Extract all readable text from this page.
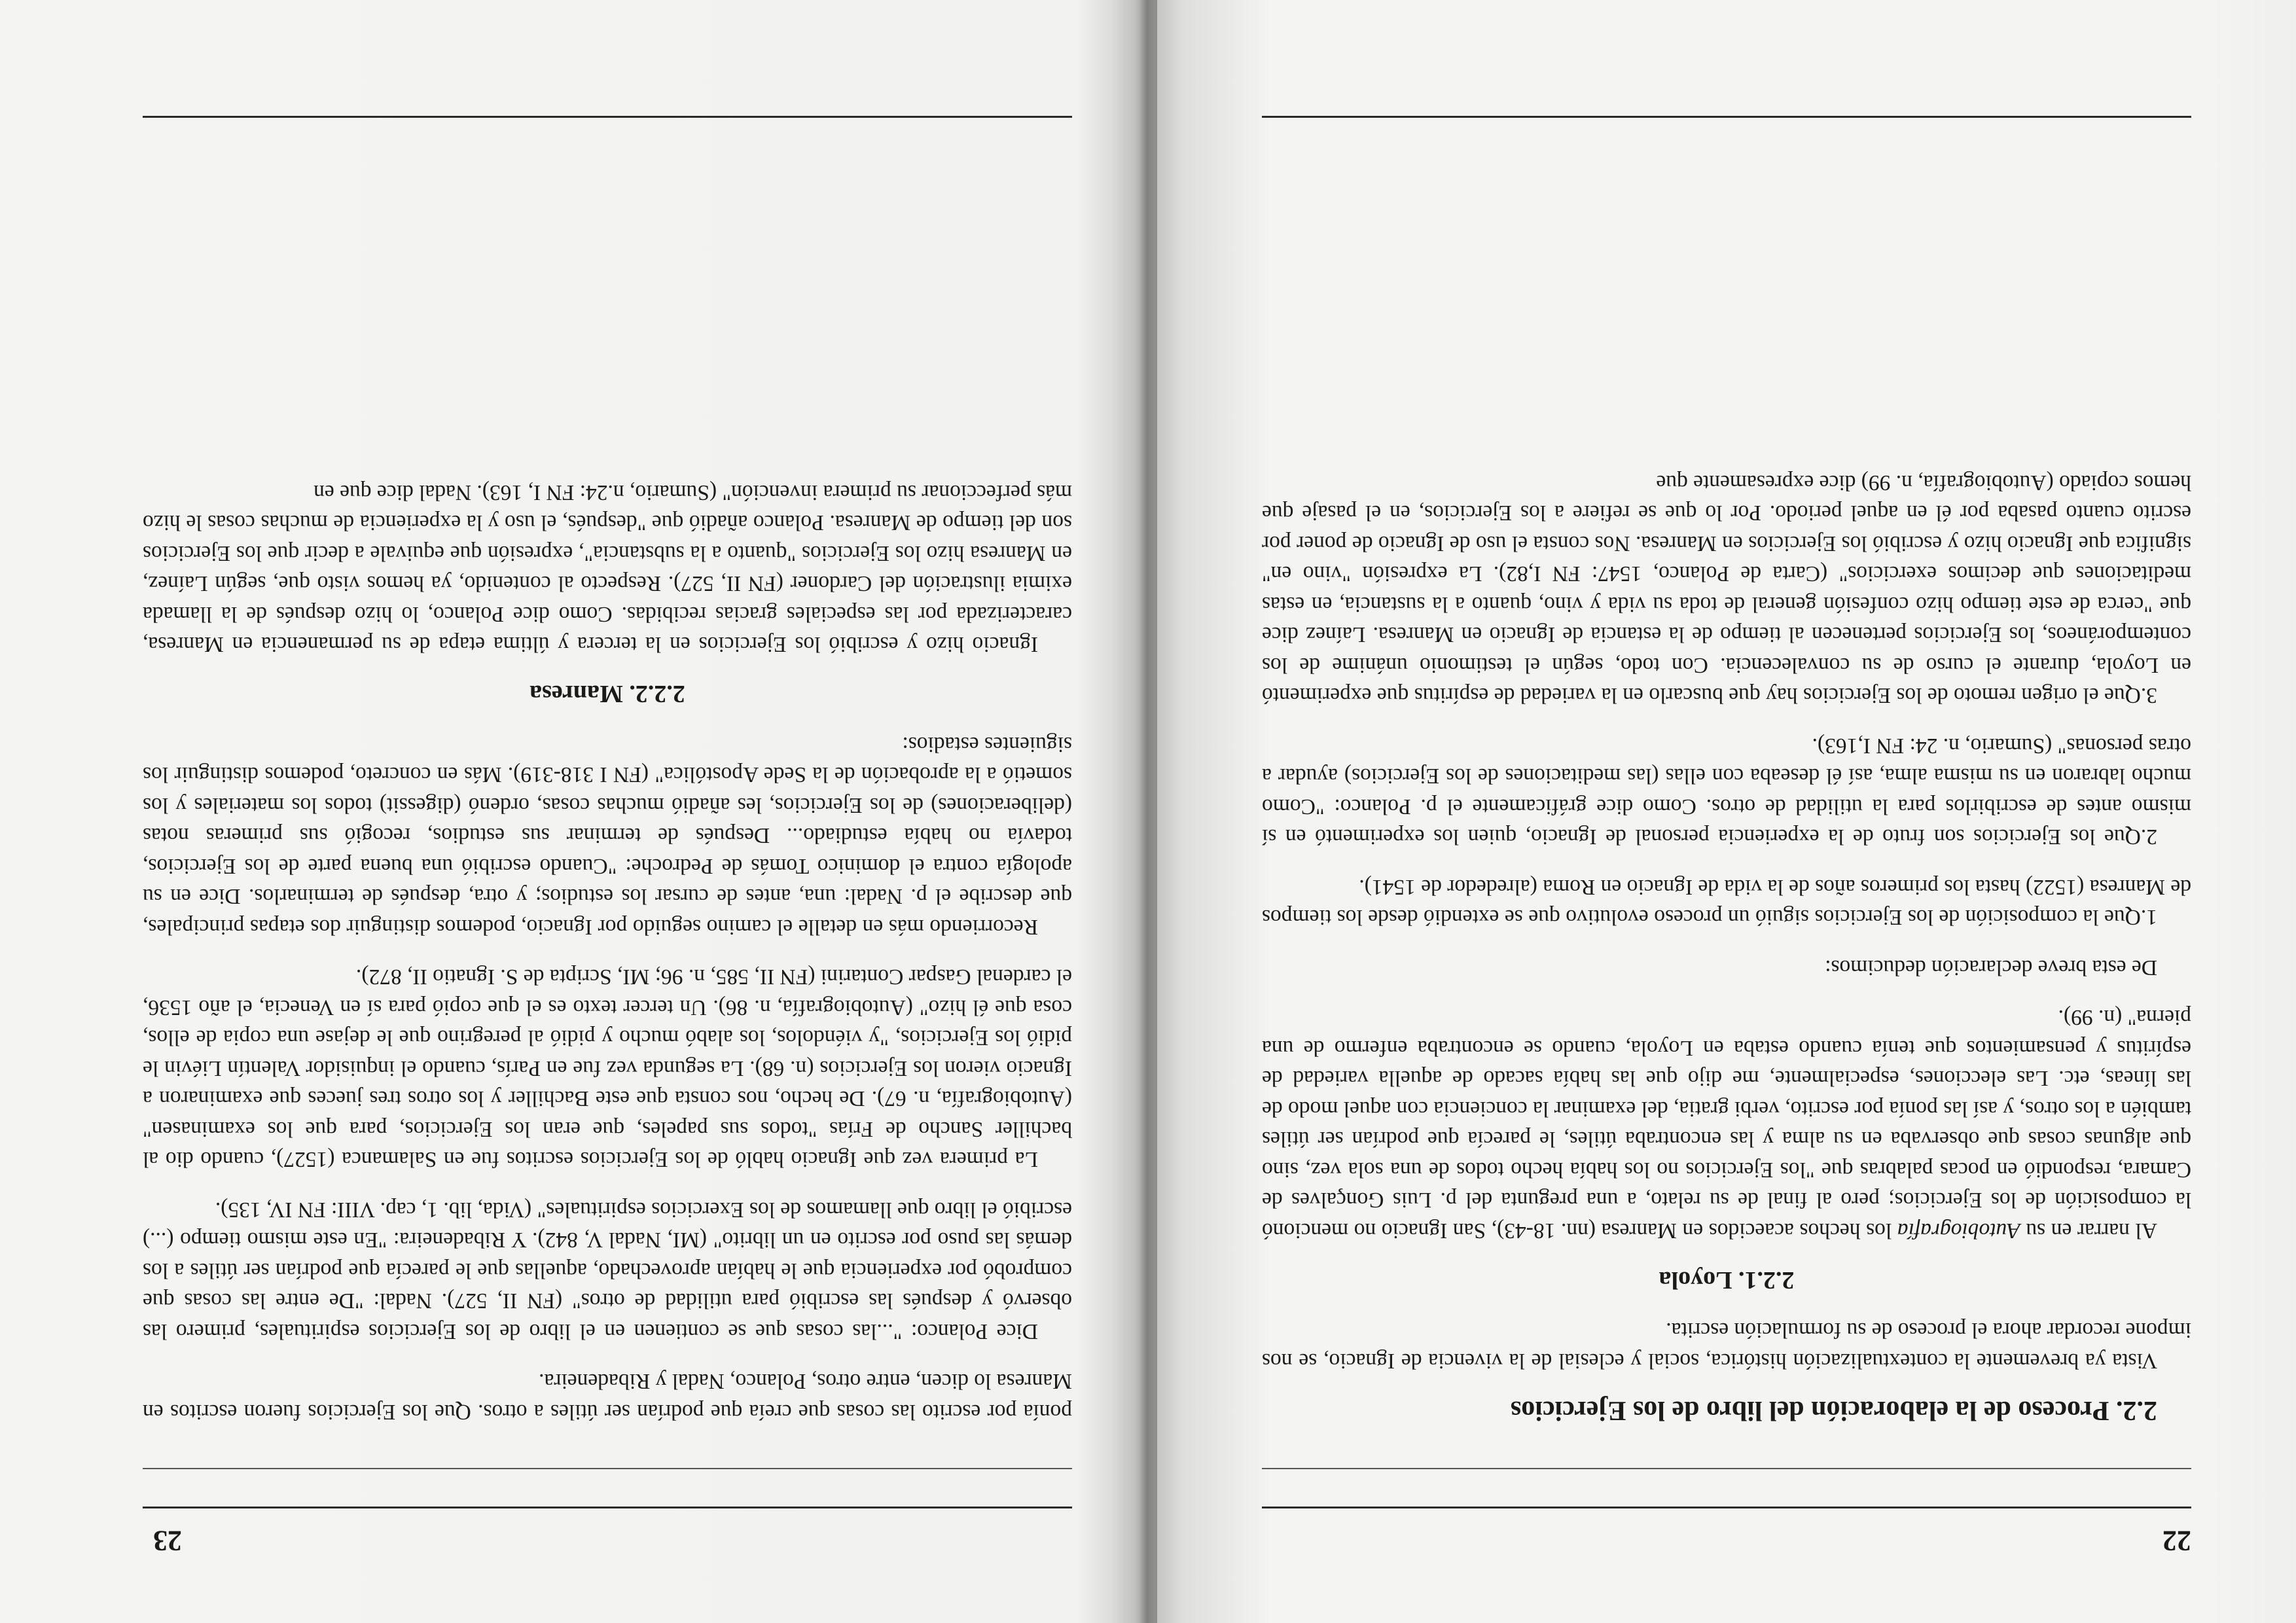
22
2.2. Proceso de la elaboración del libro de los Ejercicios

Vista ya brevemente la contextualización histórica, social y eclesial de la vivencia de Ignacio, se nos impone recordar ahora el proceso de su formulación escrita.

2.2.1. Loyola

Al narrar en su Autobiografía los hechos acaecidos en Manresa (nn. 18-43), San Ignacio no mencionó la composición de los Ejercicios; pero al final de su relato, a una pregunta del p. Luis Gonçalves de Camara, respondió en pocas palabras que "los Ejercicios no los había hecho todos de una sola vez, sino que algunas cosas que observaba en su alma y las encontraba útiles, le parecía que podrían ser útiles también a los otros, y así las ponía por escrito, verbi gratia, del examinar la conciencia con aquel modo de las líneas, etc. Las elecciones, especialmente, me dijo que las había sacado de aquella variedad de espíritus y pensamientos que tenía cuando estaba en Loyola, cuando se encontraba enfermo de una pierna" (n. 99).

De esta breve declaración deducimos:

1.Que la composición de los Ejercicios siguió un proceso evolutivo que se extendió desde los tiempos de Manresa (1522) hasta los primeros años de la vida de Ignacio en Roma (alrededor de 1541).

2.Que los Ejercicios son fruto de la experiencia personal de Ignacio, quien los experimentó en sí mismo antes de escribirlos para la utilidad de otros. Como dice gráficamente el p. Polanco: "Como mucho labraron en su misma alma, así él deseaba con ellas (las meditaciones de los Ejercicios) ayudar a otras personas" (Sumario, n. 24: FN I,163).

3.Que el origen remoto de los Ejercicios hay que buscarlo en la variedad de espíritus que experimentó en Loyola, durante el curso de su convalecencia. Con todo, según el testimonio unánime de los contemporáneos, los Ejercicios pertenecen al tiempo de la estancia de Ignacio en Manresa. Laínez dice que "cerca de este tiempo hizo confesión general de toda su vida y vino, quanto a la sustancia, en estas meditaciones que decimos exercicios" (Carta de Polanco, 1547: FN I,82). La expresión "vino en" significa que Ignacio hizo y escribió los Ejercicios en Manresa. Nos consta el uso de Ignacio de poner por escrito cuanto pasaba por él en aquel periodo. Por lo que se refiere a los Ejercicios, en el pasaje que hemos copiado (Autobiografía, n. 99) dice expresamente que

23

ponía por escrito las cosas que creía que podrían ser útiles a otros. Que los Ejercicios fueron escritos en Manresa lo dicen, entre otros, Polanco, Nadal y Ribadeneira.

Dice Polanco: "...las cosas que se contienen en el libro de los Ejercicios espirituales, primero las observó y después las escribió para utilidad de otros" (FN II, 527). Nadal: "De entre las cosas que comprobó por experiencia que le habían aprovechado, aquellas que le parecía que podrían ser útiles a los demás las puso por escrito en un librito" (MI, Nadal V, 842). Y Ribadeneira: "En este mismo tiempo (...) escribió el libro que llamamos de los Exercicios espirituales" (Vida, lib. 1, cap. VIII: FN IV, 135).

La primera vez que Ignacio habló de los Ejercicios escritos fue en Salamanca (1527), cuando dio al bachiller Sancho de Frías "todos sus papeles, que eran los Ejercicios, para que los examinasen" (Autobiografía, n. 67). De hecho, nos consta que este Bachiller y los otros tres jueces que examinaron a Ignacio vieron los Ejercicios (n. 68). La segunda vez fue en París, cuando el inquisidor Valentín Liévin le pidió los Ejercicios, "y viéndolos, los alabó mucho y pidió al peregrino que le dejase una copia de ellos, cosa que él hizo" (Autobiografía, n. 86). Un tercer texto es el que copió para sí en Venecia, el año 1536, el cardenal Gaspar Contarini (FN II, 585, n. 96; MI, Scripta de S. Ignatio II, 872).

Recorriendo más en detalle el camino seguido por Ignacio, podemos distinguir dos etapas principales, que describe el p. Nadal: una, antes de cursar los estudios; y otra, después de terminarlos. Dice en su apología contra el dominico Tomás de Pedroche: "Cuando escribió una buena parte de los Ejercicios, todavía no había estudiado... Después de terminar sus estudios, recogió sus primeras notas (deliberaciones) de los Ejercicios, les añadió muchas cosas, ordenó (digessit) todos los materiales y los sometió a la aprobación de la Sede Apostólica" (FN I 318-319). Más en concreto, podemos distinguir los siguientes estadios:

2.2.2. Manresa

Ignacio hizo y escribió los Ejercicios en la tercera y última etapa de su permanencia en Manresa, caracterizada por las especiales gracias recibidas. Como dice Polanco, lo hizo después de la llamada eximia ilustración del Cardoner (FN II, 527). Respecto al contenido, ya hemos visto que, según Laínez, en Manresa hizo los Ejercicios "quanto a la substancia", expresión que equivale a decir que los Ejercicios son del tiempo de Manresa. Polanco añadió que "después, el uso y la experiencia de muchas cosas le hizo más perfeccionar su primera invención" (Sumario, n.24: FN I, 163). Nadal dice que en
